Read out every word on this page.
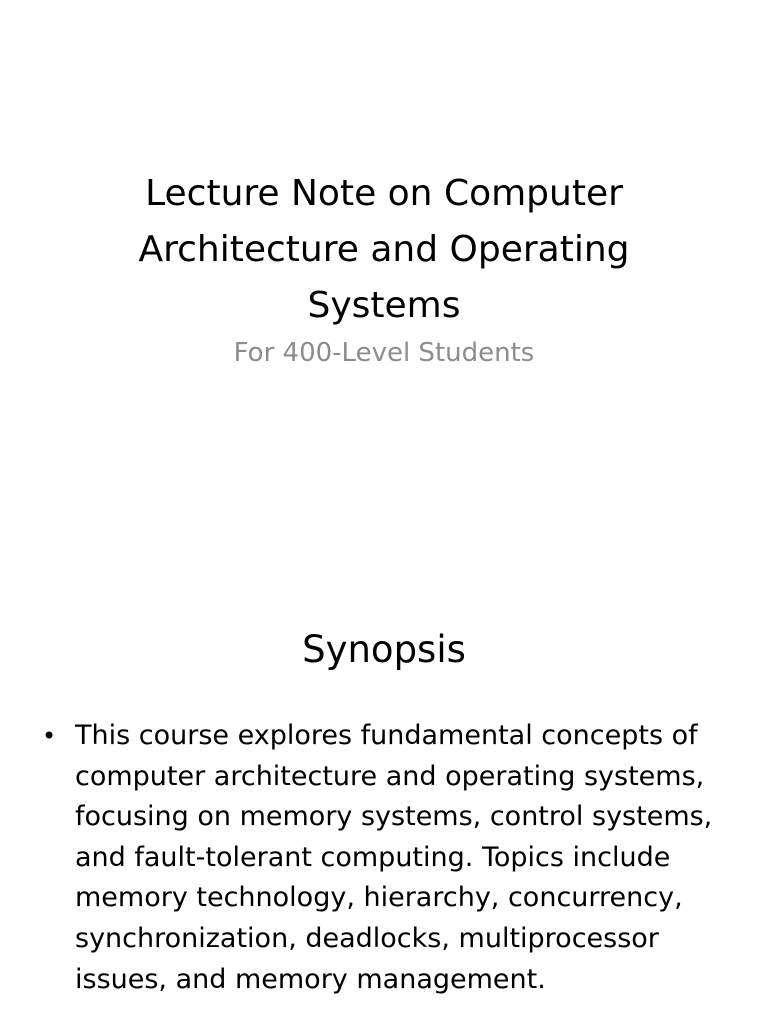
Lecture Note on Computer Architecture and Operating Systems

For 400-Level Students

Synopsis
• This course explores fundamental concepts of computer architecture and operating systems, focusing on memory systems, control systems, and fault-tolerant computing. Topics include memory technology, hierarchy, concurrency, synchronization, deadlocks, multiprocessor issues, and memory management.
